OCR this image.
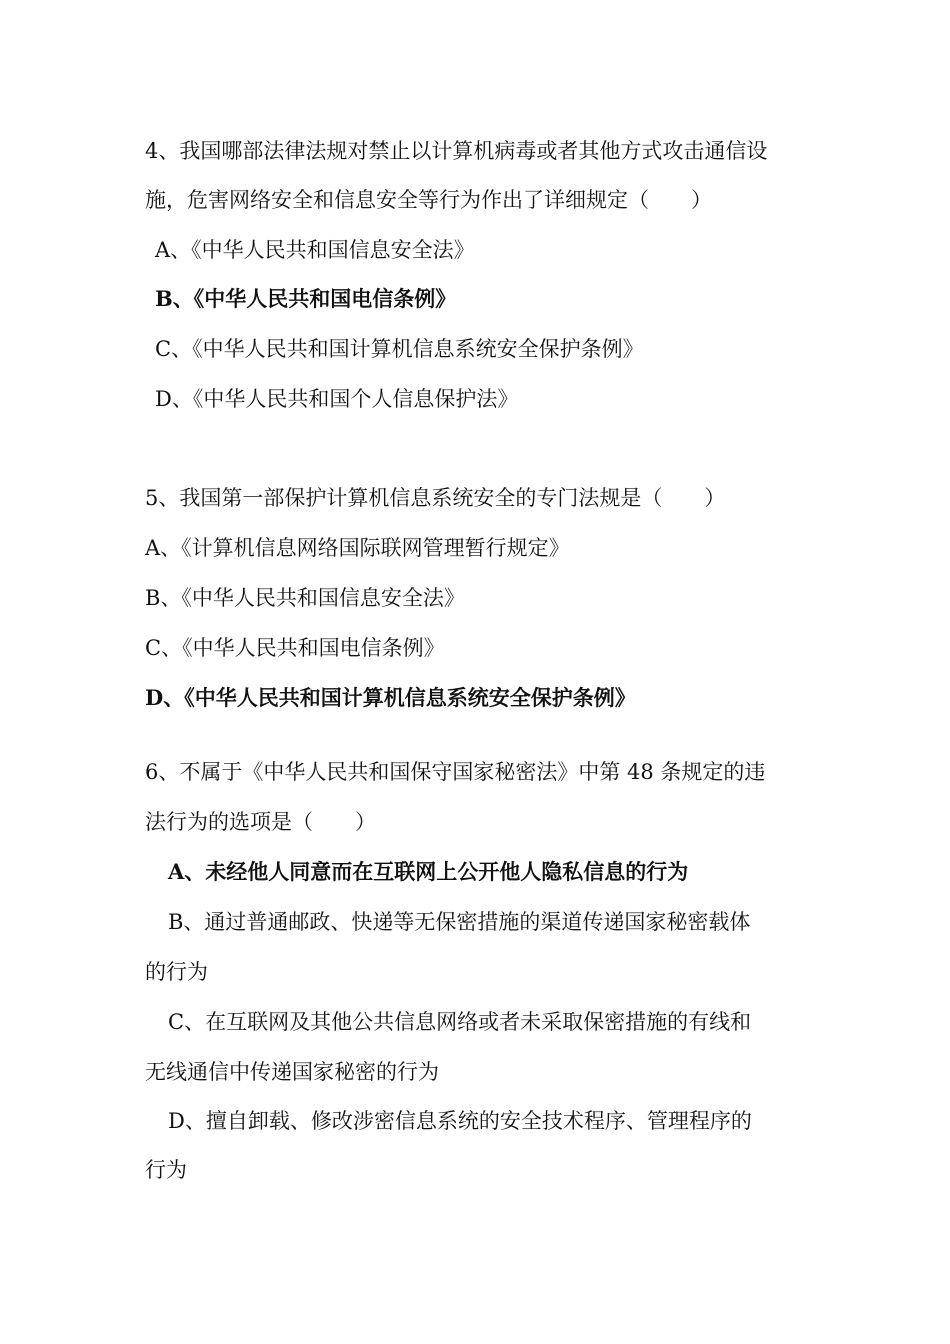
4、我国哪部法律法规对禁止以计算机病毒或者其他方式攻击通信设
施，危害网络安全和信息安全等行为作出了详细规定（　　）
A、《中华人民共和国信息安全法》
B、《中华人民共和国电信条例》
C、《中华人民共和国计算机信息系统安全保护条例》
D、《中华人民共和国个人信息保护法》
5、我国第一部保护计算机信息系统安全的专门法规是（　　）
A、《计算机信息网络国际联网管理暂行规定》
B、《中华人民共和国信息安全法》
C、《中华人民共和国电信条例》
D、《中华人民共和国计算机信息系统安全保护条例》
6、不属于《中华人民共和国保守国家秘密法》中第 48 条规定的违
法行为的选项是（　　）
A、未经他人同意而在互联网上公开他人隐私信息的行为
B、通过普通邮政、快递等无保密措施的渠道传递国家秘密载体
的行为
C、在互联网及其他公共信息网络或者未采取保密措施的有线和
无线通信中传递国家秘密的行为
D、擅自卸载、修改涉密信息系统的安全技术程序、管理程序的
行为
